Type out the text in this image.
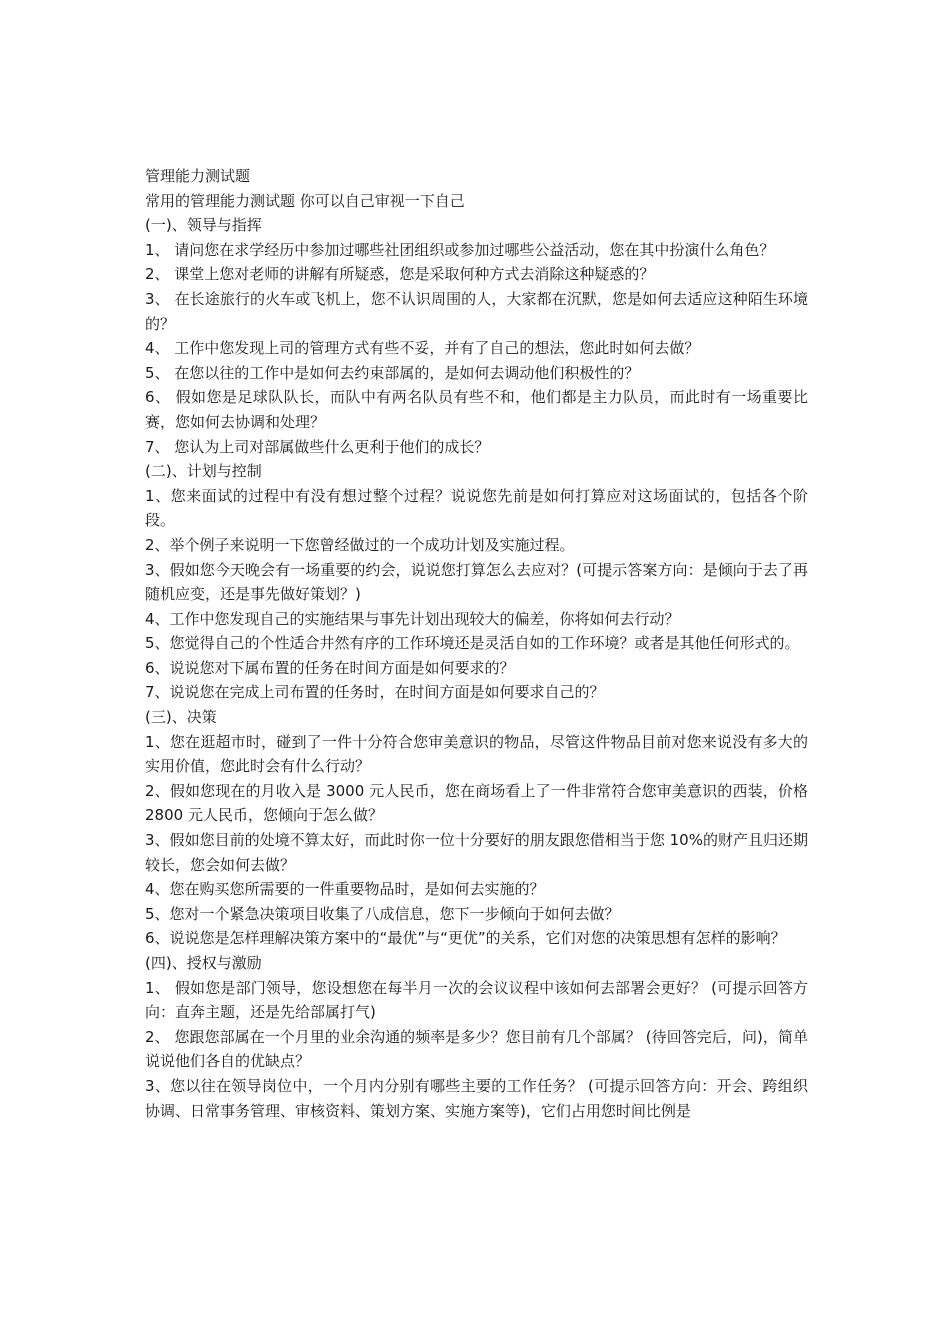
管理能力测试题
常用的管理能力测试题 你可以自己审视一下自己
(一)、领导与指挥
1、 请问您在求学经历中参加过哪些社团组织或参加过哪些公益活动，您在其中扮演什么角色？
2、 课堂上您对老师的讲解有所疑惑，您是采取何种方式去消除这种疑惑的？
3、 在长途旅行的火车或飞机上，您不认识周围的人，大家都在沉默，您是如何去适应这种陌生环境的？
4、 工作中您发现上司的管理方式有些不妥，并有了自己的想法，您此时如何去做？
5、 在您以往的工作中是如何去约束部属的，是如何去调动他们积极性的？
6、 假如您是足球队队长，而队中有两名队员有些不和，他们都是主力队员，而此时有一场重要比赛，您如何去协调和处理？
7、 您认为上司对部属做些什么更利于他们的成长？
(二)、计划与控制
1、您来面试的过程中有没有想过整个过程？说说您先前是如何打算应对这场面试的，包括各个阶段。
2、举个例子来说明一下您曾经做过的一个成功计划及实施过程。
3、假如您今天晚会有一场重要的约会，说说您打算怎么去应对？(可提示答案方向：是倾向于去了再随机应变，还是事先做好策划？)
4、工作中您发现自己的实施结果与事先计划出现较大的偏差，你将如何去行动？
5、您觉得自己的个性适合井然有序的工作环境还是灵活自如的工作环境？或者是其他任何形式的。
6、说说您对下属布置的任务在时间方面是如何要求的？
7、说说您在完成上司布置的任务时，在时间方面是如何要求自己的？
(三)、决策
1、您在逛超市时，碰到了一件十分符合您审美意识的物品，尽管这件物品目前对您来说没有多大的实用价值，您此时会有什么行动？
2、假如您现在的月收入是 3000 元人民币，您在商场看上了一件非常符合您审美意识的西装，价格 2800 元人民币，您倾向于怎么做？
3、假如您目前的处境不算太好，而此时你一位十分要好的朋友跟您借相当于您 10%的财产且归还期较长，您会如何去做？
4、您在购买您所需要的一件重要物品时，是如何去实施的？
5、您对一个紧急决策项目收集了八成信息，您下一步倾向于如何去做？
6、说说您是怎样理解决策方案中的“最优”与“更优”的关系，它们对您的决策思想有怎样的影响？
(四)、授权与激励
1、 假如您是部门领导，您设想您在每半月一次的会议议程中该如何去部署会更好？ (可提示回答方向：直奔主题，还是先给部属打气)
2、 您跟您部属在一个月里的业余沟通的频率是多少？您目前有几个部属？ (待回答完后，问)，简单说说他们各自的优缺点？
3、您以往在领导岗位中，一个月内分别有哪些主要的工作任务？ (可提示回答方向：开会、跨组织协调、日常事务管理、审核资料、策划方案、实施方案等)，它们占用您时间比例是
